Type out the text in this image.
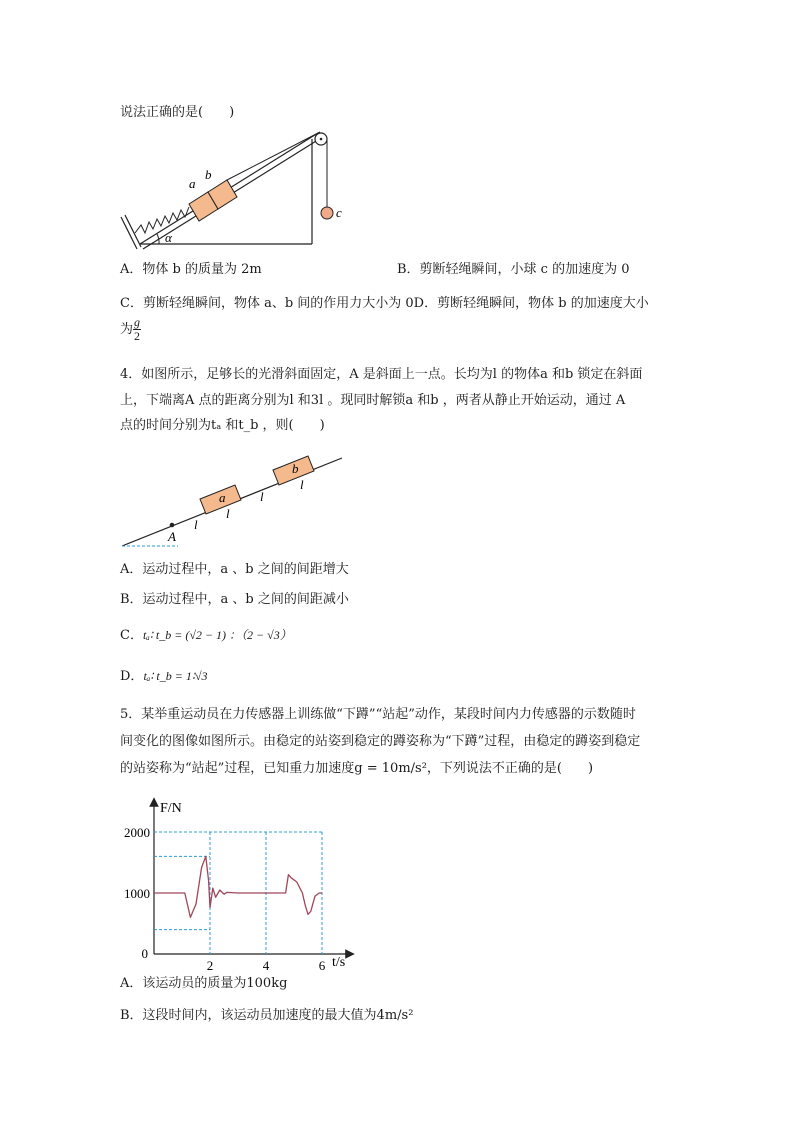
说法正确的是(　　)
a
b
c
α
A．物体 b 的质量为 2m	B．剪断轻绳瞬间，小球 c 的加速度为 0
C．剪断轻绳瞬间，物体 a、b 间的作用力大小为 0D．剪断轻绳瞬间，物体 b 的加速度大小
为 $\frac{g}{2}$
4．如图所示，足够长的光滑斜面固定，A 是斜面上一点。长均为l 的物体a 和b 锁定在斜面
上，下端离A 点的距离分别为l 和3l 。现同时解锁a 和b ，两者从静止开始运动，通过 A
点的时间分别为tₐ 和t_b ，则(　　)
A
a
b
l
l
l
l
A．运动过程中，a 、b 之间的间距增大
B．运动过程中，a 、b 之间的间距减小
C．tₐ∶ t_b = (√2 − 1) ：（2 − √3）
D．tₐ∶ t_b = 1∶√3
5．某举重运动员在力传感器上训练做“下蹲”“站起”动作，某段时间内力传感器的示数随时
间变化的图像如图所示。由稳定的站姿到稳定的蹲姿称为“下蹲”过程，由稳定的蹲姿到稳定
的站姿称为“站起”过程，已知重力加速度g = 10m/s²，下列说法不正确的是(　　)
0
2	4	6
1000
2000
F/N
t/s
A．该运动员的质量为100kg
B．这段时间内，该运动员加速度的最大值为4m/s²
